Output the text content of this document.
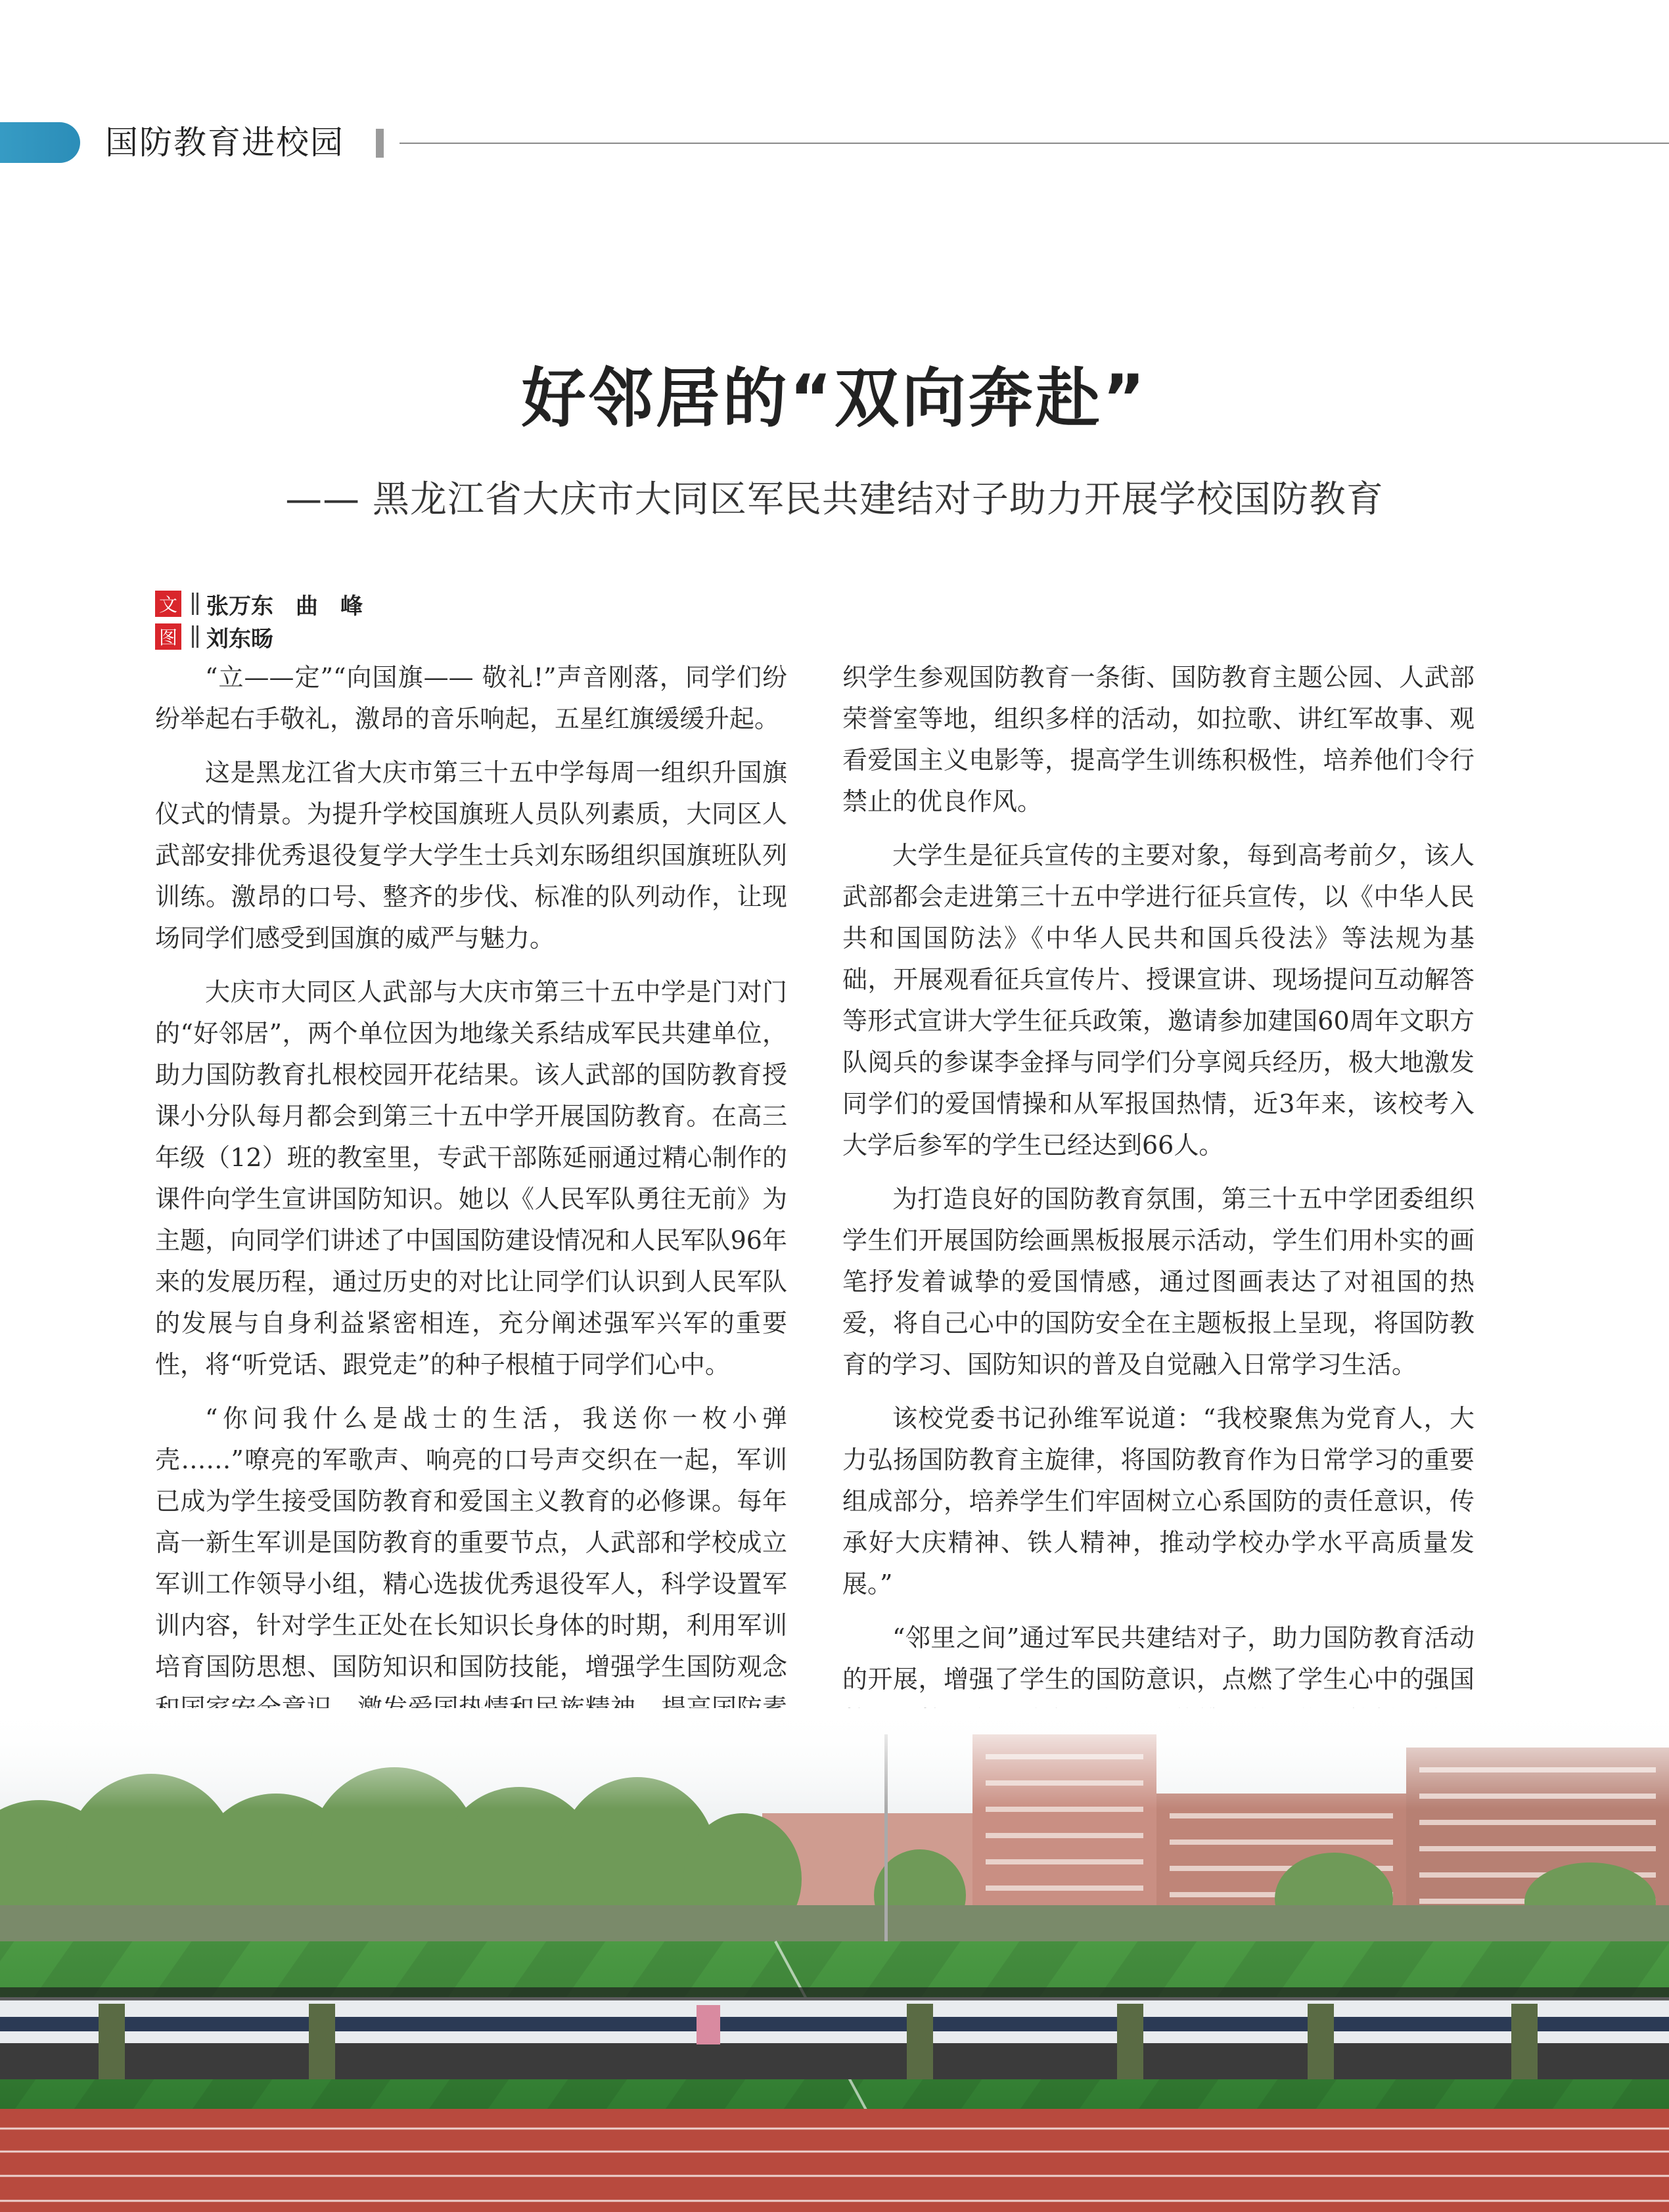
国防教育进校园
好邻居的“双向奔赴”
—— 黑龙江省大庆市大同区军民共建结对子助力开展学校国防教育
文 张万东　曲　峰
图 刘东旸

“立——定”“向国旗—— 敬礼!”声音刚落，同学们纷纷举起右手敬礼，激昂的音乐响起，五星红旗缓缓升起。

这是黑龙江省大庆市第三十五中学每周一组织升国旗仪式的情景。为提升学校国旗班人员队列素质，大同区人武部安排优秀退役复学大学生士兵刘东旸组织国旗班队列训练。激昂的口号、整齐的步伐、标准的队列动作，让现场同学们感受到国旗的威严与魅力。

大庆市大同区人武部与大庆市第三十五中学是门对门的“好邻居”，两个单位因为地缘关系结成军民共建单位，助力国防教育扎根校园开花结果。该人武部的国防教育授课小分队每月都会到第三十五中学开展国防教育。在高三年级（12）班的教室里，专武干部陈延丽通过精心制作的课件向学生宣讲国防知识。她以《人民军队勇往无前》为主题，向同学们讲述了中国国防建设情况和人民军队96年来的发展历程，通过历史的对比让同学们认识到人民军队的发展与自身利益紧密相连，充分阐述强军兴军的重要性，将“听党话、跟党走”的种子根植于同学们心中。

“你问我什么是战士的生活，我送你一枚小弹壳……”嘹亮的军歌声、响亮的口号声交织在一起，军训已成为学生接受国防教育和爱国主义教育的必修课。每年高一新生军训是国防教育的重要节点，人武部和学校成立军训工作领导小组，精心选拔优秀退役军人，科学设置军训内容，针对学生正处在长知识长身体的时期，利用军训培育国防思想、国防知识和国防技能，增强学生国防观念

织学生参观国防教育一条街、国防教育主题公园、人武部荣誉室等地，组织多样的活动，如拉歌、讲红军故事、观看爱国主义电影等，提高学生训练积极性，培养他们令行禁止的优良作风。

大学生是征兵宣传的主要对象，每到高考前夕，该人武部都会走进第三十五中学进行征兵宣传，以《中华人民共和国国防法》《中华人民共和国兵役法》等法规为基础，开展观看征兵宣传片、授课宣讲、现场提问互动解答等形式宣讲大学生征兵政策，邀请参加建国60周年文职方队阅兵的参谋李金择与同学们分享阅兵经历，极大地激发同学们的爱国情操和从军报国热情，近3年来，该校考入大学后参军的学生已经达到66人。

为打造良好的国防教育氛围，第三十五中学团委组织学生们开展国防绘画黑板报展示活动，学生们用朴实的画笔抒发着诚挚的爱国情感，通过图画表达了对祖国的热爱，将自己心中的国防安全在主题板报上呈现，将国防教育的学习、国防知识的普及自觉融入日常学习生活。

该校党委书记孙维军说道：“我校聚焦为党育人，大力弘扬国防教育主旋律，将国防教育作为日常学习的重要组成部分，培养学生们牢固树立心系国防的责任意识，传承好大庆精神、铁人精神，推动学校办学水平高质量发展。”

“邻里之间”通过军民共建结对子，助力国防教育活动的开展，增强了学生的国防意识，点燃了学生心中的强国
